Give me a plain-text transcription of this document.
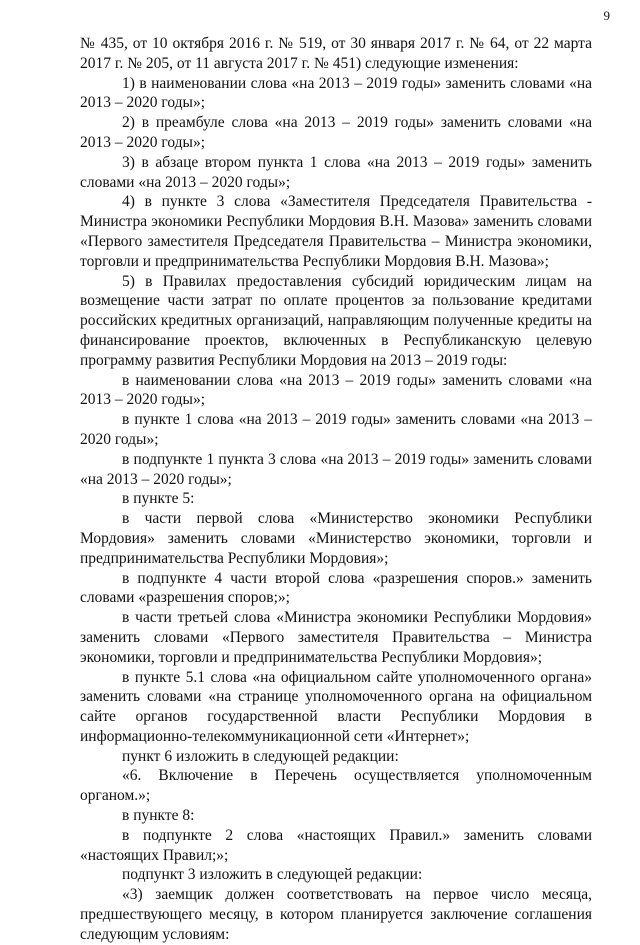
9

№ 435, от 10 октября 2016 г. № 519, от 30 января 2017 г. № 64, от 22 марта 2017 г. № 205, от 11 августа 2017 г. № 451) следующие изменения:

1) в наименовании слова «на 2013 – 2019 годы» заменить словами «на 2013 – 2020 годы»;

2) в преамбуле слова «на 2013 – 2019 годы» заменить словами «на 2013 – 2020 годы»;

3) в абзаце втором пункта 1 слова «на 2013 – 2019 годы» заменить словами «на 2013 – 2020 годы»;

4) в пункте 3 слова «Заместителя Председателя Правительства - Министра экономики Республики Мордовия В.Н. Мазова» заменить словами «Первого заместителя Председателя Правительства – Министра экономики, торговли и предпринимательства Республики Мордовия В.Н. Мазова»;

5) в Правилах предоставления субсидий юридическим лицам на возмещение части затрат по оплате процентов за пользование кредитами российских кредитных организаций, направляющим полученные кредиты на финансирование проектов, включенных в Республиканскую целевую программу развития Республики Мордовия на 2013 – 2019 годы:

в наименовании слова «на 2013 – 2019 годы» заменить словами «на 2013 – 2020 годы»;

в пункте 1 слова «на 2013 – 2019 годы» заменить словами «на 2013 – 2020 годы»;

в подпункте 1 пункта 3 слова «на 2013 – 2019 годы» заменить словами «на 2013 – 2020 годы»;

в пункте 5:

в части первой слова «Министерство экономики Республики Мордовия» заменить словами «Министерство экономики, торговли и предпринимательства Республики Мордовия»;

в подпункте 4 части второй слова «разрешения споров.» заменить словами «разрешения споров;»;

в части третьей слова «Министра экономики Республики Мордовия» заменить словами «Первого заместителя Правительства – Министра экономики, торговли и предпринимательства Республики Мордовия»;

в пункте 5.1 слова «на официальном сайте уполномоченного органа» заменить словами «на странице уполномоченного органа на официальном сайте органов государственной власти Республики Мордовия в информационно-телекоммуникационной сети «Интернет»;

пункт 6 изложить в следующей редакции:

«6. Включение в Перечень осуществляется уполномоченным органом.»;

в пункте 8:

в подпункте 2 слова «настоящих Правил.» заменить словами «настоящих Правил;»;

подпункт 3 изложить в следующей редакции:

«3) заемщик должен соответствовать на первое число месяца, предшествующего месяцу, в котором планируется заключение соглашения следующим условиям:
